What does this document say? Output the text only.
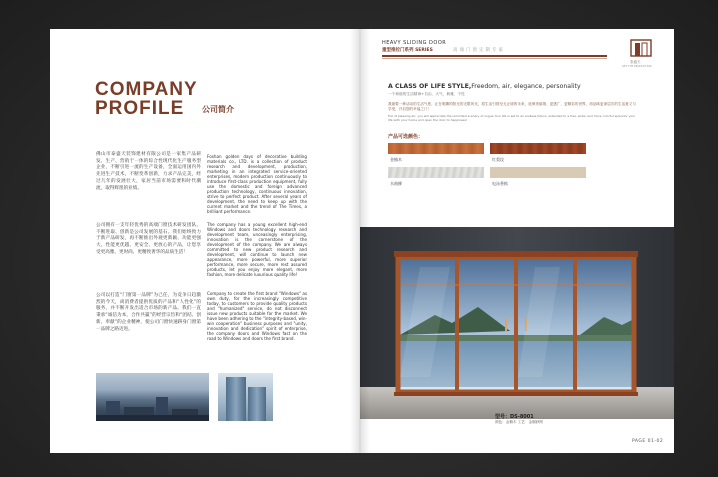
COMPANY
PROFILE 公司简介
佛山市泰盛天装饰建材有限公司是一家集产品研发、生产、营销于一体的综合性现代化生产服务型企业，不断引进一流的生产设备，全面运用国内外先进生产技术，不断变革创新，力求产品完美，经过几年的发展壮大，家居当前市场需要和时代潮流，取得辉煌的业绩。
公司拥有一支年轻优秀的高端门窗技术研发团队，不断进取、创新是公司发展的基石。我们始终致力于新产品研发，再不断推出外观更新颖、功能更强大、性能更优越、更安全、更放心的产品，让您享受更高雅、更时尚、更精致奢华的品质生活！
公司以打造“门窗第一品牌”为己任，为竞争日趋激烈的今天，尚消费者提供优质的产品和“人性化”的服务，并不断开发出适合市场的新产品。我们一直秉承“诚信为本，合作共赢”的经营宗旨和“团结、创新、奉献”的企业精神，使公司门窗快速跻身门窗第一品牌之路迈进。
Foshan golden days of decorative building materials co., LTD. is a collection of product research and development, production, marketing in an integrated service-oriented enterprises, modern production continuously to introduce first-class production equipment, fully use the domestic and foreign advanced production technology, continuous innovation, strive to perfect product. After several years of development, the need to keep up with the current market and the trend of The Times, a brilliant performance.
The company has a young excellent high-end Windows and doors technology research and development team, unceasingly enterprising, innovation is the cornerstone of the development of the company. We are always committed to new product research and development, will continue to launch new appearance, more powerful, more superior performance, more secure, more rest assured products, let you enjoy more elegant, more fashion, more delicate luxurious quality life!
Company to create the first brand "Windows" as own duty, for the increasingly competitive today, to customers to provide quality products and "humanized" service, do not disconnect issue new products suitable for the market. We have been adhering to the "integrity-based, win-win cooperation" business purposes and "unity, innovation and dedication" spirit of enterprise, the company doors and Windows fast on the road to Windows and doors the first brand.
HEAVY SLIDING DOOR
重型推拉门系列 SERIES	高端门窗定制专家
泰盛天
GET THE PRODUCTION
A CLASS OF LIFE STYLE,Freedom, air, elegance, personality
一个和谐的生活精神+自由、大气、典雅、个性
我最要一种活动的生活气度，让在明媚的阳光的无限风光，将生活引领至无止境的未来，延伸美丽境、更透广，更精彩的世界，再品味更深层次的生活意义与享受，开启您的幸福之门！
Full of pleasing air, you will appreciate the unlimited scenery of vogue Your life is set to an endless future, extended to a free, wider and more colorful splendor your life with your home and open the door to happiness!
产品可选颜色：
金楠木	红梨纹
水曲柳	电泳香槟
型号：DS-8001
颜色：金楠木 工艺：金刚砂网
PAGE 01-02
